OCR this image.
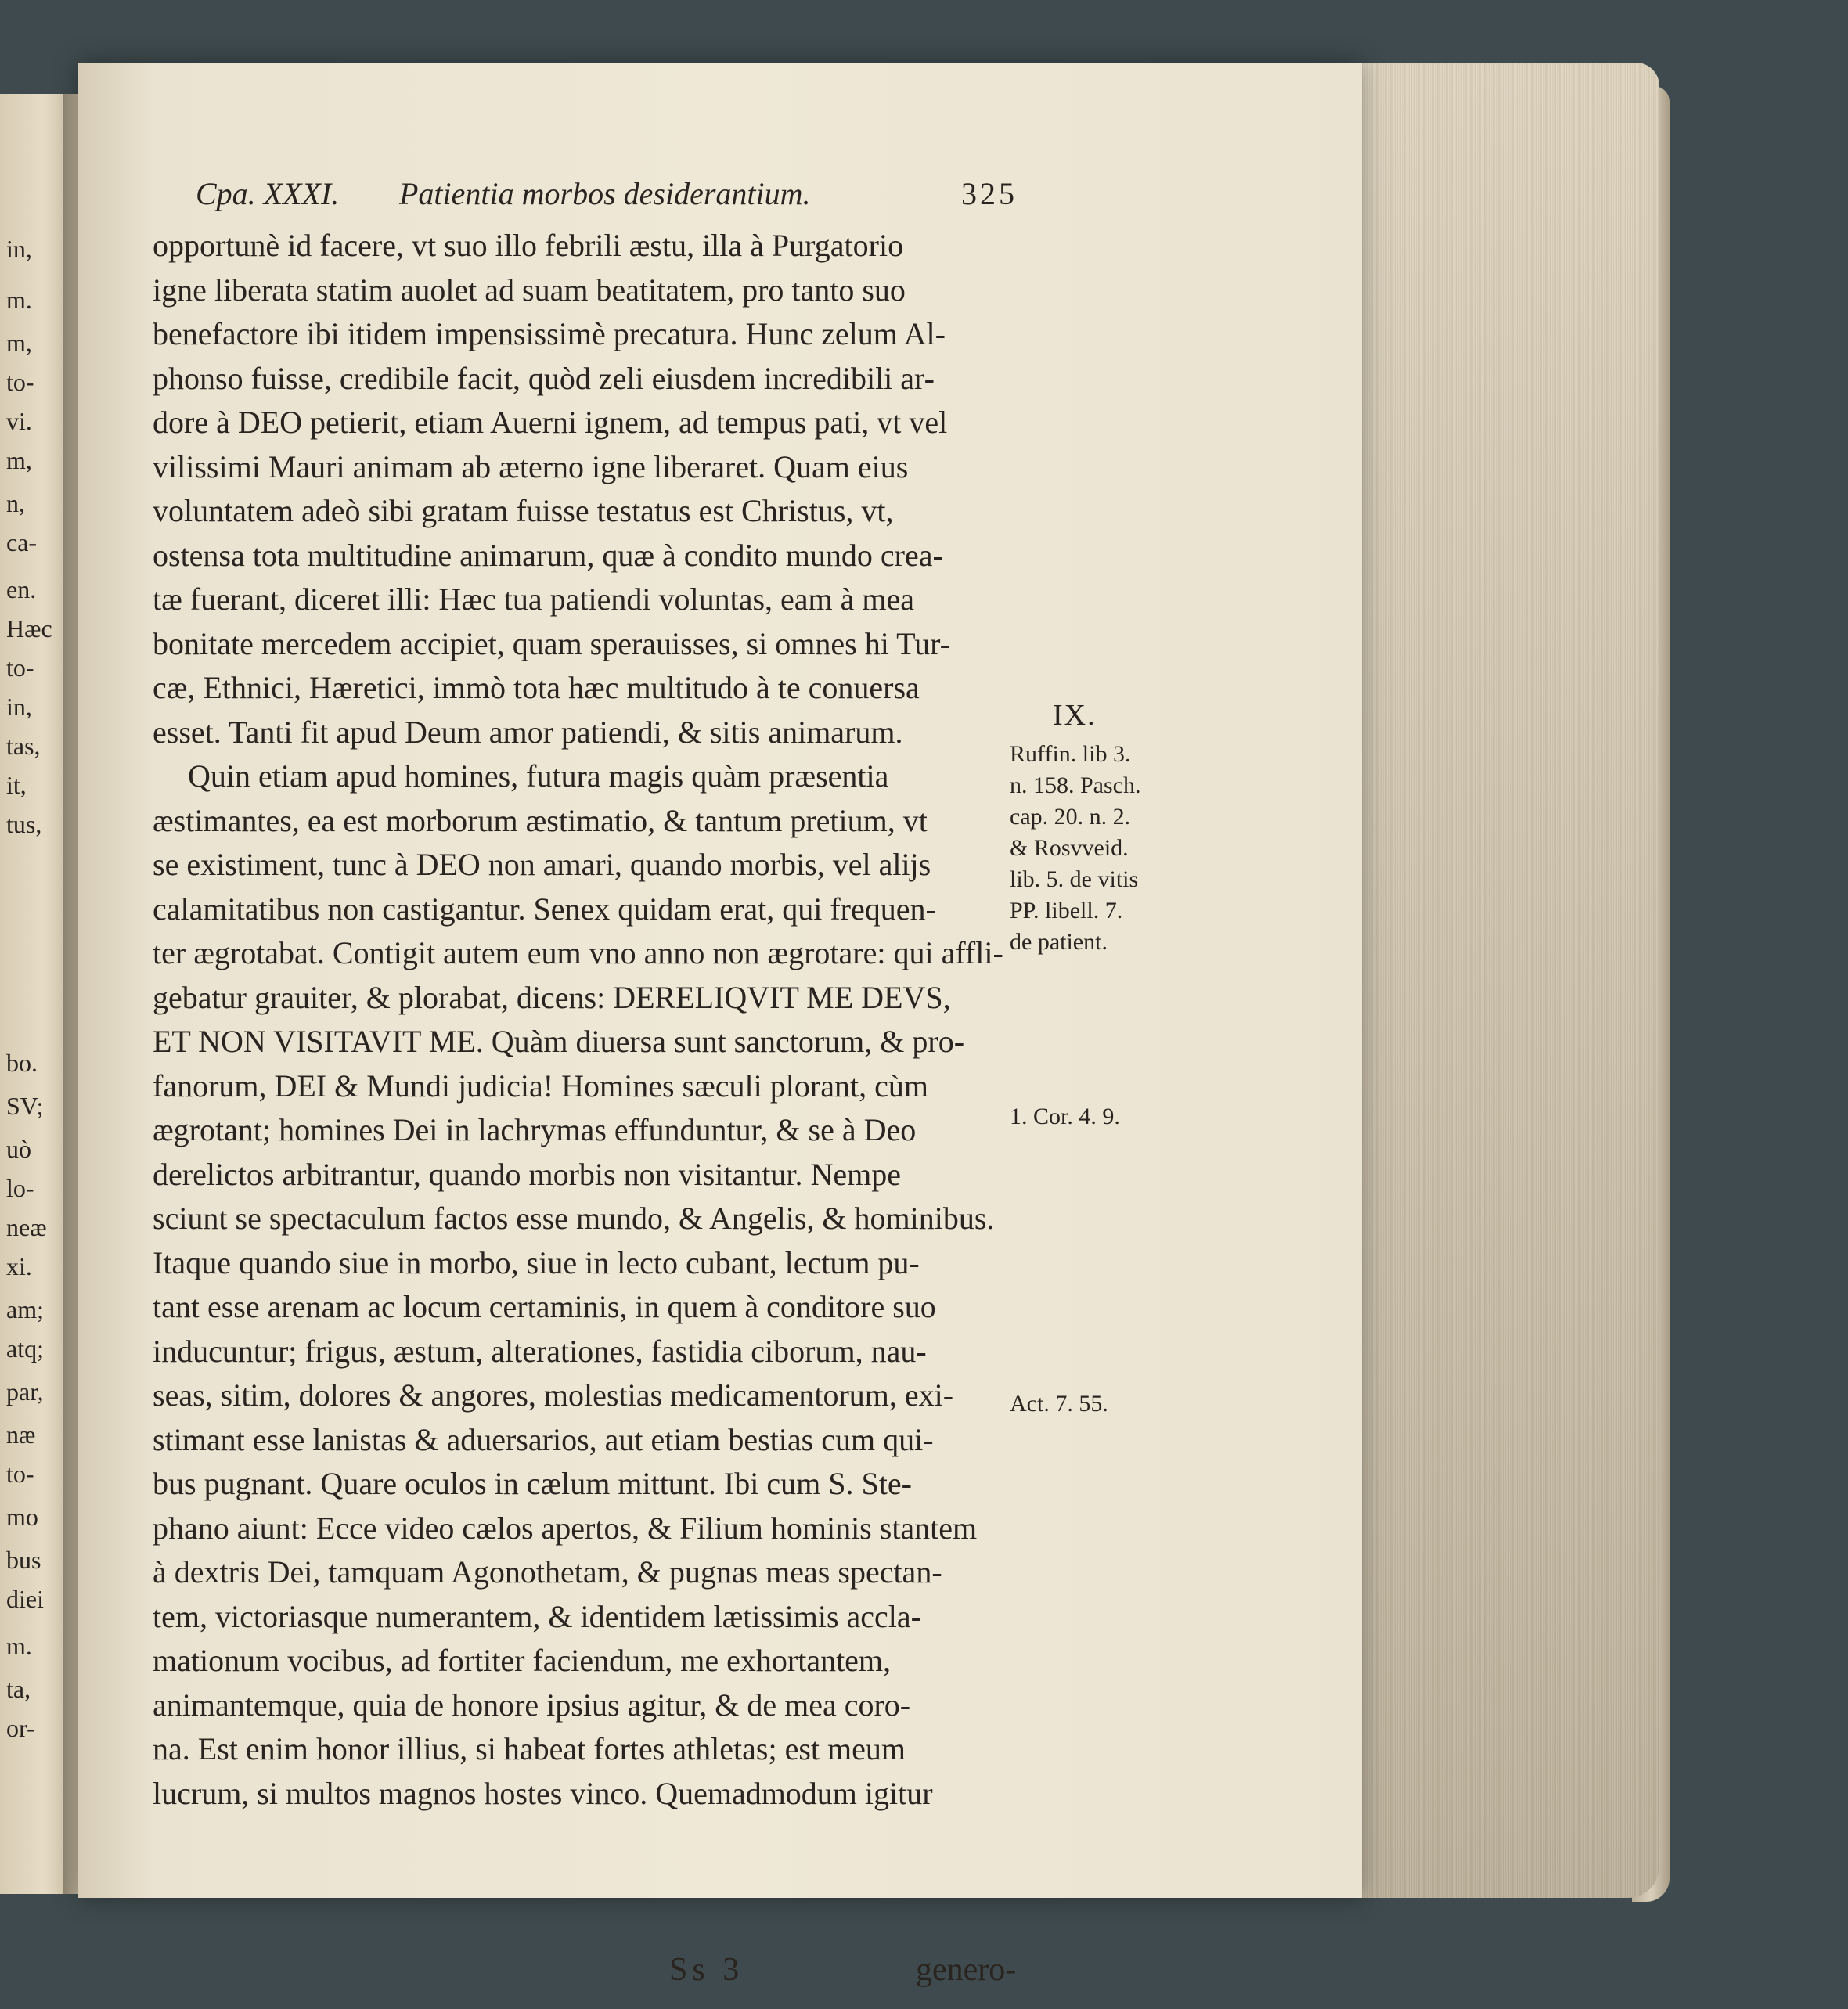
in,
m.
m,
to-
vi.
m,
n,
ca-
en.
Hæc
to-
in,
tas,
it,
tus,
bo.
SV;
uò
lo-
neæ
xi.
am;
atq;
par,
næ
to-
mo
bus
diei
m.
ta,
or-
Cpa. XXXI. Patientia morbos desiderantium.	325
opportunè id facere, vt suo illo febrili æstu, illa à Purgatorio
igne liberata statim auolet ad suam beatitatem, pro tanto suo
benefactore ibi itidem impensissimè precatura. Hunc zelum Al-
phonso fuisse, credibile facit, quòd zeli eiusdem incredibili ar-
dore à DEO petierit, etiam Auerni ignem, ad tempus pati, vt vel
vilissimi Mauri animam ab æterno igne liberaret. Quam eius
voluntatem adeò sibi gratam fuisse testatus est Christus, vt,
ostensa tota multitudine animarum, quæ à condito mundo crea-
tæ fuerant, diceret illi: Hæc tua patiendi voluntas, eam à mea
bonitate mercedem accipiet, quam sperauisses, si omnes hi Tur-
cæ, Ethnici, Hæretici, immò tota hæc multitudo à te conuersa
esset. Tanti fit apud Deum amor patiendi, & sitis animarum.
Quin etiam apud homines, futura magis quàm præsentia
æstimantes, ea est morborum æstimatio, & tantum pretium, vt
se existiment, tunc à DEO non amari, quando morbis, vel alijs
calamitatibus non castigantur. Senex quidam erat, qui frequen-
ter ægrotabat. Contigit autem eum vno anno non ægrotare: qui affli-
gebatur grauiter, & plorabat, dicens: DERELIQVIT ME DEVS,
ET NON VISITAVIT ME. Quàm diuersa sunt sanctorum, & pro-
fanorum, DEI & Mundi judicia! Homines sæculi plorant, cùm
ægrotant; homines Dei in lachrymas effunduntur, & se à Deo
derelictos arbitrantur, quando morbis non visitantur. Nempe
sciunt se spectaculum factos esse mundo, & Angelis, & hominibus.
Itaque quando siue in morbo, siue in lecto cubant, lectum pu-
tant esse arenam ac locum certaminis, in quem à conditore suo
inducuntur; frigus, æstum, alterationes, fastidia ciborum, nau-
seas, sitim, dolores & angores, molestias medicamentorum, exi-
stimant esse lanistas & aduersarios, aut etiam bestias cum qui-
bus pugnant. Quare oculos in cælum mittunt. Ibi cum S. Ste-
phano aiunt: Ecce video cælos apertos, & Filium hominis stantem
à dextris Dei, tamquam Agonothetam, & pugnas meas spectan-
tem, victoriasque numerantem, & identidem lætissimis accla-
mationum vocibus, ad fortiter faciendum, me exhortantem,
animantemque, quia de honore ipsius agitur, & de mea coro-
na. Est enim honor illius, si habeat fortes athletas; est meum
lucrum, si multos magnos hostes vinco. Quemadmodum igitur
IX.
Ruffin. lib 3.
n. 158. Pasch.
cap. 20. n. 2.
& Rosvveid.
lib. 5. de vitis
PP. libell. 7.
de patient.
1. Cor. 4. 9.
Act. 7. 55.
Ss 3	genero-
